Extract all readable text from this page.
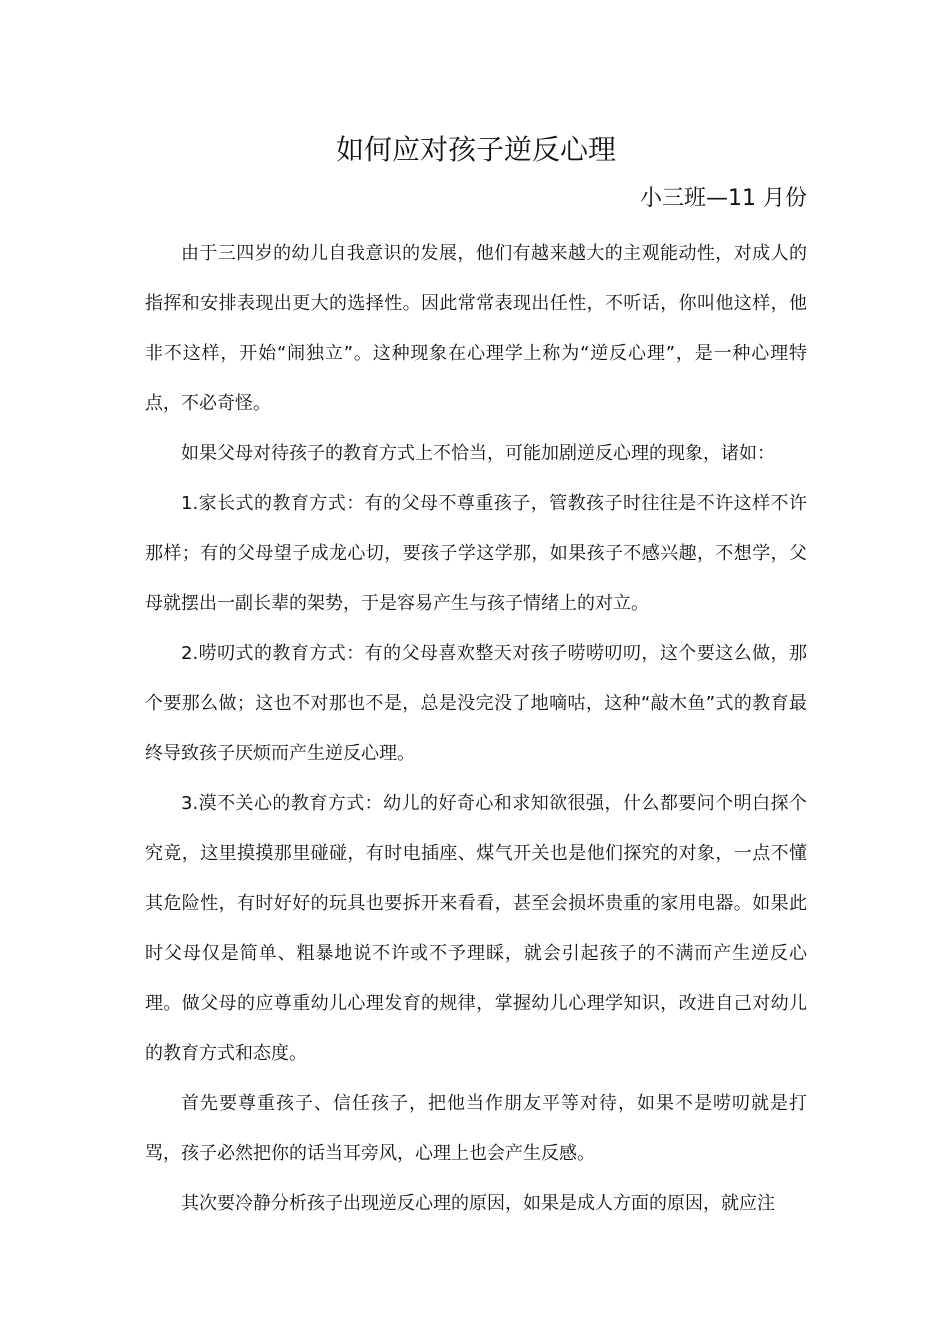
如何应对孩子逆反心理
小三班—11 月份

由于三四岁的幼儿自我意识的发展，他们有越来越大的主观能动性，对成人的指挥和安排表现出更大的选择性。因此常常表现出任性，不听话，你叫他这样，他非不这样，开始“闹独立”。这种现象在心理学上称为“逆反心理”，是一种心理特点，不必奇怪。

如果父母对待孩子的教育方式上不恰当，可能加剧逆反心理的现象，诸如：

1.家长式的教育方式：有的父母不尊重孩子，管教孩子时往往是不许这样不许那样；有的父母望子成龙心切，要孩子学这学那，如果孩子不感兴趣，不想学，父母就摆出一副长辈的架势，于是容易产生与孩子情绪上的对立。

2.唠叨式的教育方式：有的父母喜欢整天对孩子唠唠叨叨，这个要这么做，那个要那么做；这也不对那也不是，总是没完没了地嘀咕，这种“敲木鱼”式的教育最终导致孩子厌烦而产生逆反心理。

3.漠不关心的教育方式：幼儿的好奇心和求知欲很强，什么都要问个明白探个究竟，这里摸摸那里碰碰，有时电插座、煤气开关也是他们探究的对象，一点不懂其危险性，有时好好的玩具也要拆开来看看，甚至会损坏贵重的家用电器。如果此时父母仅是简单、粗暴地说不许或不予理睬，就会引起孩子的不满而产生逆反心理。做父母的应尊重幼儿心理发育的规律，掌握幼儿心理学知识，改进自己对幼儿的教育方式和态度。

首先要尊重孩子、信任孩子，把他当作朋友平等对待，如果不是唠叨就是打骂，孩子必然把你的话当耳旁风，心理上也会产生反感。

其次要冷静分析孩子出现逆反心理的原因，如果是成人方面的原因，就应注
